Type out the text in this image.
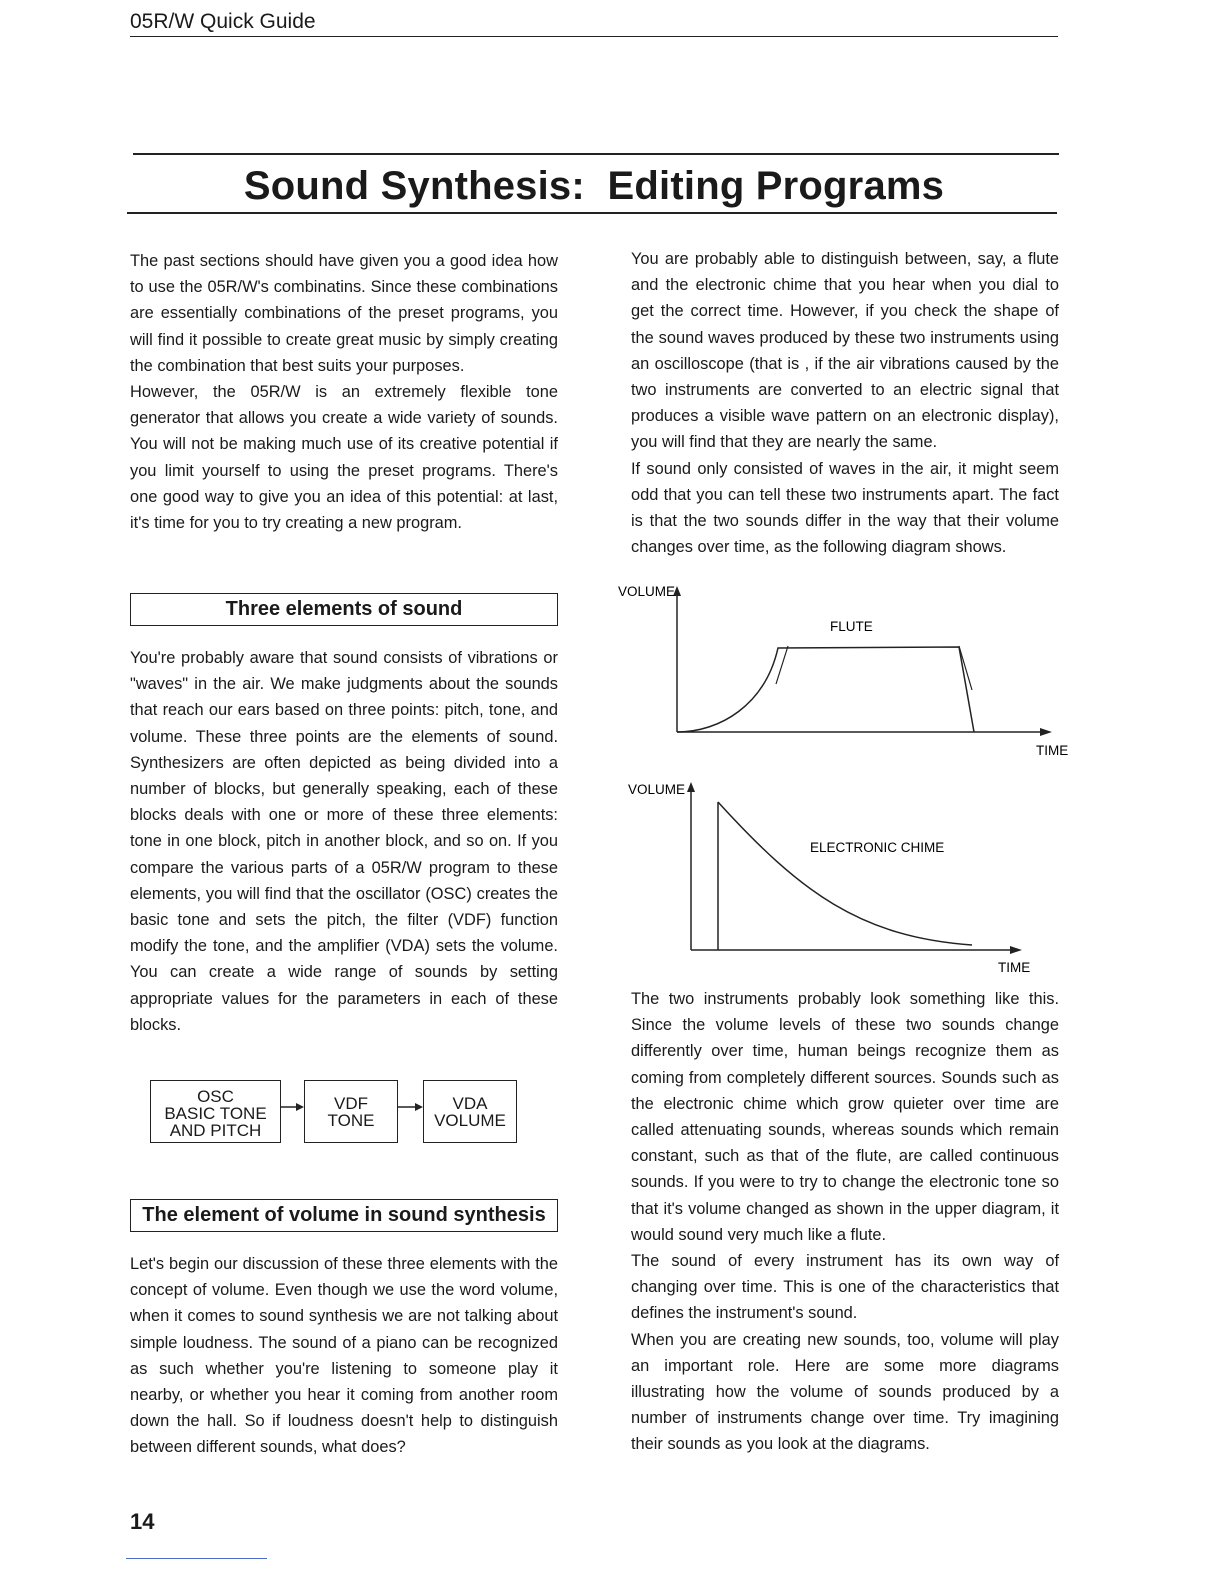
05R/W Quick Guide
Sound Synthesis:  Editing Programs

The past sections should have given you a good idea how to use the 05R/W's combinatins. Since these combinations are essentially combinations of the preset programs, you will find it possible to create great music by simply creating the combination that best suits your purposes.

However, the 05R/W is an extremely flexible tone generator that allows you create a wide variety of sounds. You will not be making much use of its creative potential if you limit yourself to using the preset programs. There's one good way to give you an idea of this potential: at last, it's time for you to try creating a new program.

Three elements of sound

You're probably aware that sound consists of vibrations or "waves" in the air. We make judgments about the sounds that reach our ears based on three points: pitch, tone, and volume. These three points are the elements of sound. Synthesizers are often depicted as being divided into a number of blocks, but generally speaking, each of these blocks deals with one or more of these three elements: tone in one block, pitch in another block, and so on. If you compare the various parts of a 05R/W program to these elements, you will find that the oscillator (OSC) creates the basic tone and sets the pitch, the filter (VDF) function modify the tone, and the amplifier (VDA) sets the volume. You can create a wide range of sounds by setting appropriate values for the parameters in each of these blocks.

OSC
BASIC TONE
AND PITCH
VDF
TONE
VDA
VOLUME
The element of volume in sound synthesis

Let's begin our discussion of these three elements with the concept of volume. Even though we use the word volume, when it comes to sound synthesis we are not talking about simple loudness. The sound of a piano can be recognized as such whether you're listening to someone play it nearby, or whether you hear it coming from another room down the hall. So if loudness doesn't help to distinguish between different sounds, what does?

You are probably able to distinguish between, say, a flute and the electronic chime that you hear when you dial to get the correct time. However, if you check the shape of the sound waves produced by these two instruments using an oscilloscope (that is , if the air vibrations caused by the two instruments are converted to an electric signal that produces a visible wave pattern on an electronic display), you will find that they are nearly the same.

If sound only consisted of waves in the air, it might seem odd that you can tell these two instruments apart. The fact is that the two sounds differ in the way that their volume changes over time, as the following diagram shows.

VOLUME
TIME
FLUTE
VOLUME
TIME
ELECTRONIC CHIME

The two instruments probably look something like this. Since the volume levels of these two sounds change differently over time, human beings recognize them as coming from completely different sources. Sounds such as the electronic chime which grow quieter over time are called attenuating sounds, whereas sounds which remain constant, such as that of the flute, are called continuous sounds. If you were to try to change the electronic tone so that it's volume changed as shown in the upper diagram, it would sound very much like a flute.

The sound of every instrument has its own way of changing over time. This is one of the characteristics that defines the instrument's sound.

When you are creating new sounds, too, volume will play an important role. Here are some more diagrams illustrating how the volume of sounds produced by a number of instruments change over time. Try imagining their sounds as you look at the diagrams.

14
